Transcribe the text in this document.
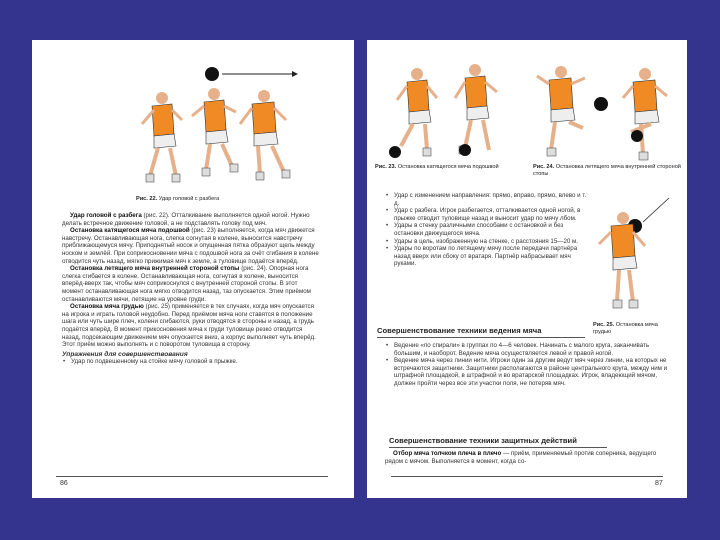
Рис. 22. Удар головой с разбега

Удар головой с разбега (рис. 22). Отталкивание выполняется одной ногой. Нужно делать встречное движение головой, а не подставлять голову под мяч.

Остановка катящегося мяча подошвой (рис. 23) выполняется, когда мяч движется навстречу. Останавливающая нога, слегка согнутая в колене, выносится навстречу приближающемуся мячу. Приподнятый носок и опущенная пятка образуют щель между носком и землёй. При соприкосновении мяча с подошвой нога за счёт сгибания в колене отводится чуть назад, мягко прижимая мяч к земле, а туловище подаётся вперёд.

Остановка летящего мяча внутренней стороной стопы (рис. 24). Опорная нога слегка сгибается в колене. Останавливающая нога, согнутая в колене, выносится вперёд-вверх так, чтобы мяч соприкоснулся с внутренней стороной стопы. В этот момент останавливающая нога мягко отводится назад, таз опускается. Этим приёмом останавливаются мячи, летящие на уровне груди.

Остановка мяча грудью (рис. 25) применяется в тех случаях, когда мяч опускается на игрока и играть головой неудобно. Перед приёмом мяча ноги ставятся в положение шага или чуть шире плеч, колени сгибаются, руки отводятся в стороны и назад, а грудь подаётся вперёд. В момент прикосновения мяча к груди туловище резко отводится назад, подсекающим движением мяч опускается вниз, а корпус выполняет чуть вперёд. Этот приём можно выполнять и с поворотом туловища в сторону.

Упражнения для совершенствования
• Удар по подвешенному на стойке мячу головой в прыжке.
86
Рис. 23. Остановка катящегося мяча подошвой	Рис. 24. Остановка летящего мяча внутренней стороной стопы
• Удар с изменением направления: прямо, вправо, прямо, влево и т. д.
• Удар с разбега. Игрок разбегается, отталкивается одной ногой, в прыжке отводит туловище назад и выносит удар по мячу лбом.
• Удары в стенку различными способами с остановкой и без остановки движущегося мяча.
• Удары в цель, изображенную на стенке, с расстояния 15—20 м.
• Удары по воротам по летящему мячу после передачи партнёра назад вверх или сбоку от вратаря. Партнёр набрасывает мяч руками.
Рис. 25. Остановка мяча грудью
Совершенствование техники ведения мяча
• Ведение «по спирали» в группах по 4—6 человек. Начинать с малого круга, заканчивать большим, и наоборот. Ведение мяча осуществляется левой и правой ногой.
• Ведение мяча через линии нити. Игроки один за другим ведут мяч через линии, на которых не встречаются защитники. Защитники располагаются в районе центрального круга, между ним и штрафной площадкой, в штрафной и во вратарской площадках. Игрок, владеющий мячом, должен пройти через все эти участки поля, не потеряв мяч.
Совершенствование техники защитных действий

Отбор мяча толчком плеча в плечо — приём, применяемый против соперника, ведущего рядом с мячом. Выполняется в момент, когда со-

87
